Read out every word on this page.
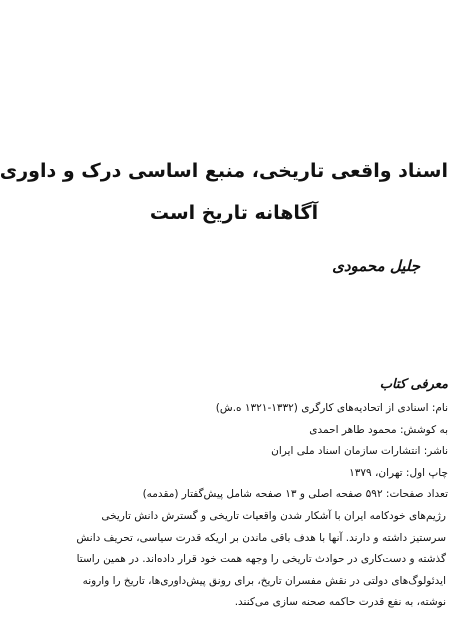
اسناد واقعی تاریخی، منبع اساسی درک و داوری
آگاهانه تاریخ است
جلیل محمودی
معرفی کتاب
نام: اسنادی از اتحادیه‌های کارگری (۱۳۳۲-۱۳۲۱ ه.ش)
به کوشش: محمود طاهر احمدی
ناشر: انتشارات سازمان اسناد ملی ایران
چاپ اول: تهران، ۱۳۷۹
تعداد صفحات: ۵۹۲ صفحه اصلی و ۱۳ صفحه شامل پیش‌گفتار (مقدمه)
رژیم‌های خودکامه ایران با آشکار شدن واقعیات تاریخی و گسترش دانش تاریخی
سرستیز داشته و دارند. آنها با هدف باقی ماندن بر اریکه قدرت سیاسی، تحریف دانش
گذشته و دست‌کاری در حوادث تاریخی را وجهه همت خود قرار داده‌اند. در همین راستا
ایدئولوگ‌های دولتی در نقش مفسران تاریخ، برای رونق پیش‌داوری‌ها، تاریخ را وارونه
نوشته، به نفع قدرت حاکمه صحنه سازی می‌کنند.
